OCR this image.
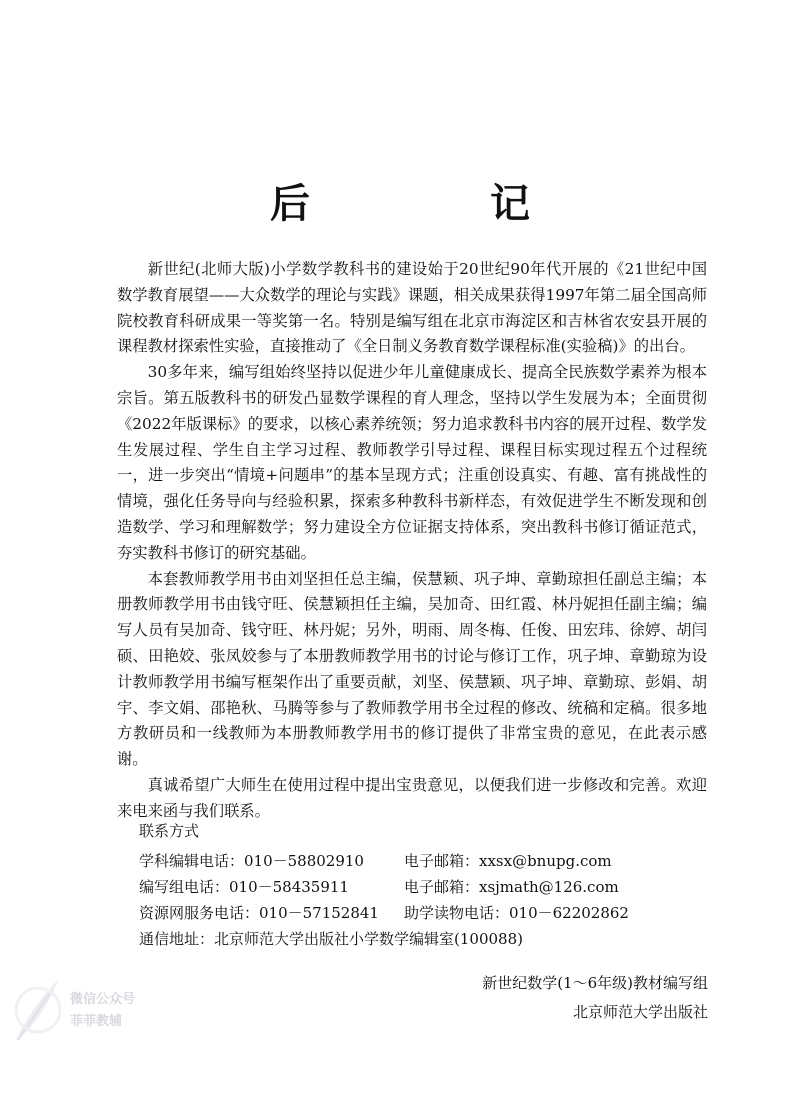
后　记

新世纪(北师大版)小学数学教科书的建设始于20世纪90年代开展的《21世纪中国数学教育展望——大众数学的理论与实践》课题，相关成果获得1997年第二届全国高师院校教育科研成果一等奖第一名。特别是编写组在北京市海淀区和吉林省农安县开展的课程教材探索性实验，直接推动了《全日制义务教育数学课程标准(实验稿)》的出台。

30多年来，编写组始终坚持以促进少年儿童健康成长、提高全民族数学素养为根本宗旨。第五版教科书的研发凸显数学课程的育人理念，坚持以学生发展为本；全面贯彻《2022年版课标》的要求，以核心素养统领；努力追求教科书内容的展开过程、数学发生发展过程、学生自主学习过程、教师教学引导过程、课程目标实现过程五个过程统一，进一步突出“情境+问题串”的基本呈现方式；注重创设真实、有趣、富有挑战性的情境，强化任务导向与经验积累，探索多种教科书新样态，有效促进学生不断发现和创造数学、学习和理解数学；努力建设全方位证据支持体系，突出教科书修订循证范式，夯实教科书修订的研究基础。

本套教师教学用书由刘坚担任总主编，侯慧颖、巩子坤、章勤琼担任副总主编；本册教师教学用书由钱守旺、侯慧颖担任主编，吴加奇、田红霞、林丹妮担任副主编；编写人员有吴加奇、钱守旺、林丹妮；另外，明雨、周冬梅、任俊、田宏玮、徐婷、胡闫硕、田艳姣、张凤姣参与了本册教师教学用书的讨论与修订工作，巩子坤、章勤琼为设计教师教学用书编写框架作出了重要贡献，刘坚、侯慧颖、巩子坤、章勤琼、彭娟、胡宇、李文娟、邵艳秋、马腾等参与了教师教学用书全过程的修改、统稿和定稿。很多地方教研员和一线教师为本册教师教学用书的修订提供了非常宝贵的意见，在此表示感谢。

真诚希望广大师生在使用过程中提出宝贵意见，以便我们进一步修改和完善。欢迎来电来函与我们联系。

联系方式
学科编辑电话：010－58802910	电子邮箱：xxsx@bnupg.com
编写组电话：010－58435911	电子邮箱：xsjmath@126.com
资源网服务电话：010－57152841 助学读物电话：010－62202862
通信地址：北京师范大学出版社小学数学编辑室(100088)
新世纪数学(1～6年级)教材编写组
北京师范大学出版社
微信公众号
菲菲教辅
